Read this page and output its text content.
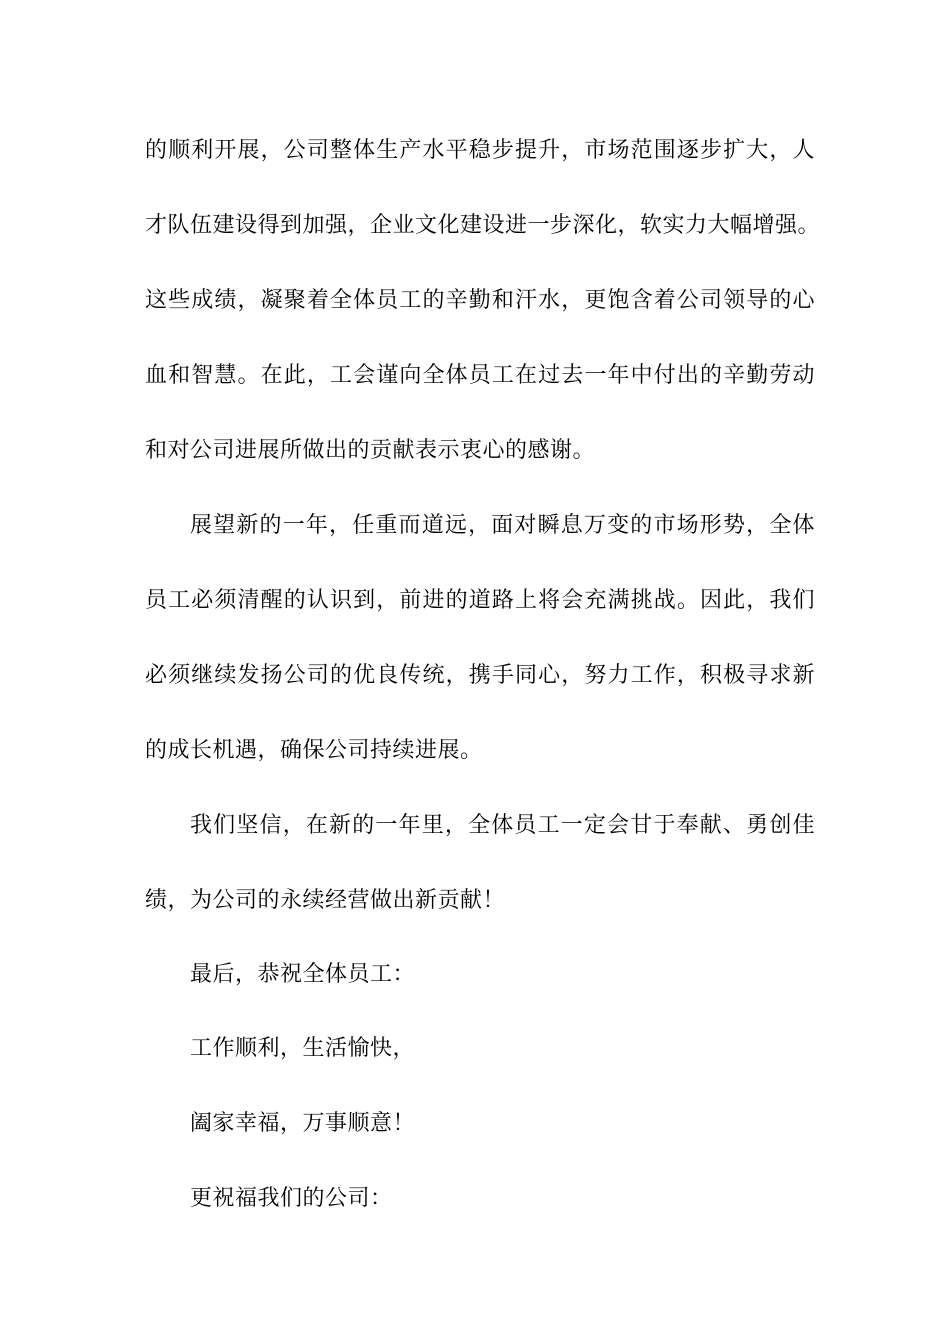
的顺利开展，公司整体生产水平稳步提升，市场范围逐步扩大，人
才队伍建设得到加强，企业文化建设进一步深化，软实力大幅增强。
这些成绩，凝聚着全体员工的辛勤和汗水，更饱含着公司领导的心
血和智慧。在此，工会谨向全体员工在过去一年中付出的辛勤劳动
和对公司进展所做出的贡献表示衷心的感谢。
展望新的一年，任重而道远，面对瞬息万变的市场形势，全体
员工必须清醒的认识到，前进的道路上将会充满挑战。因此，我们
必须继续发扬公司的优良传统，携手同心，努力工作，积极寻求新
的成长机遇，确保公司持续进展。
我们坚信，在新的一年里，全体员工一定会甘于奉献、勇创佳
绩，为公司的永续经营做出新贡献！
最后，恭祝全体员工：
工作顺利，生活愉快，
阖家幸福，万事顺意！
更祝福我们的公司：
